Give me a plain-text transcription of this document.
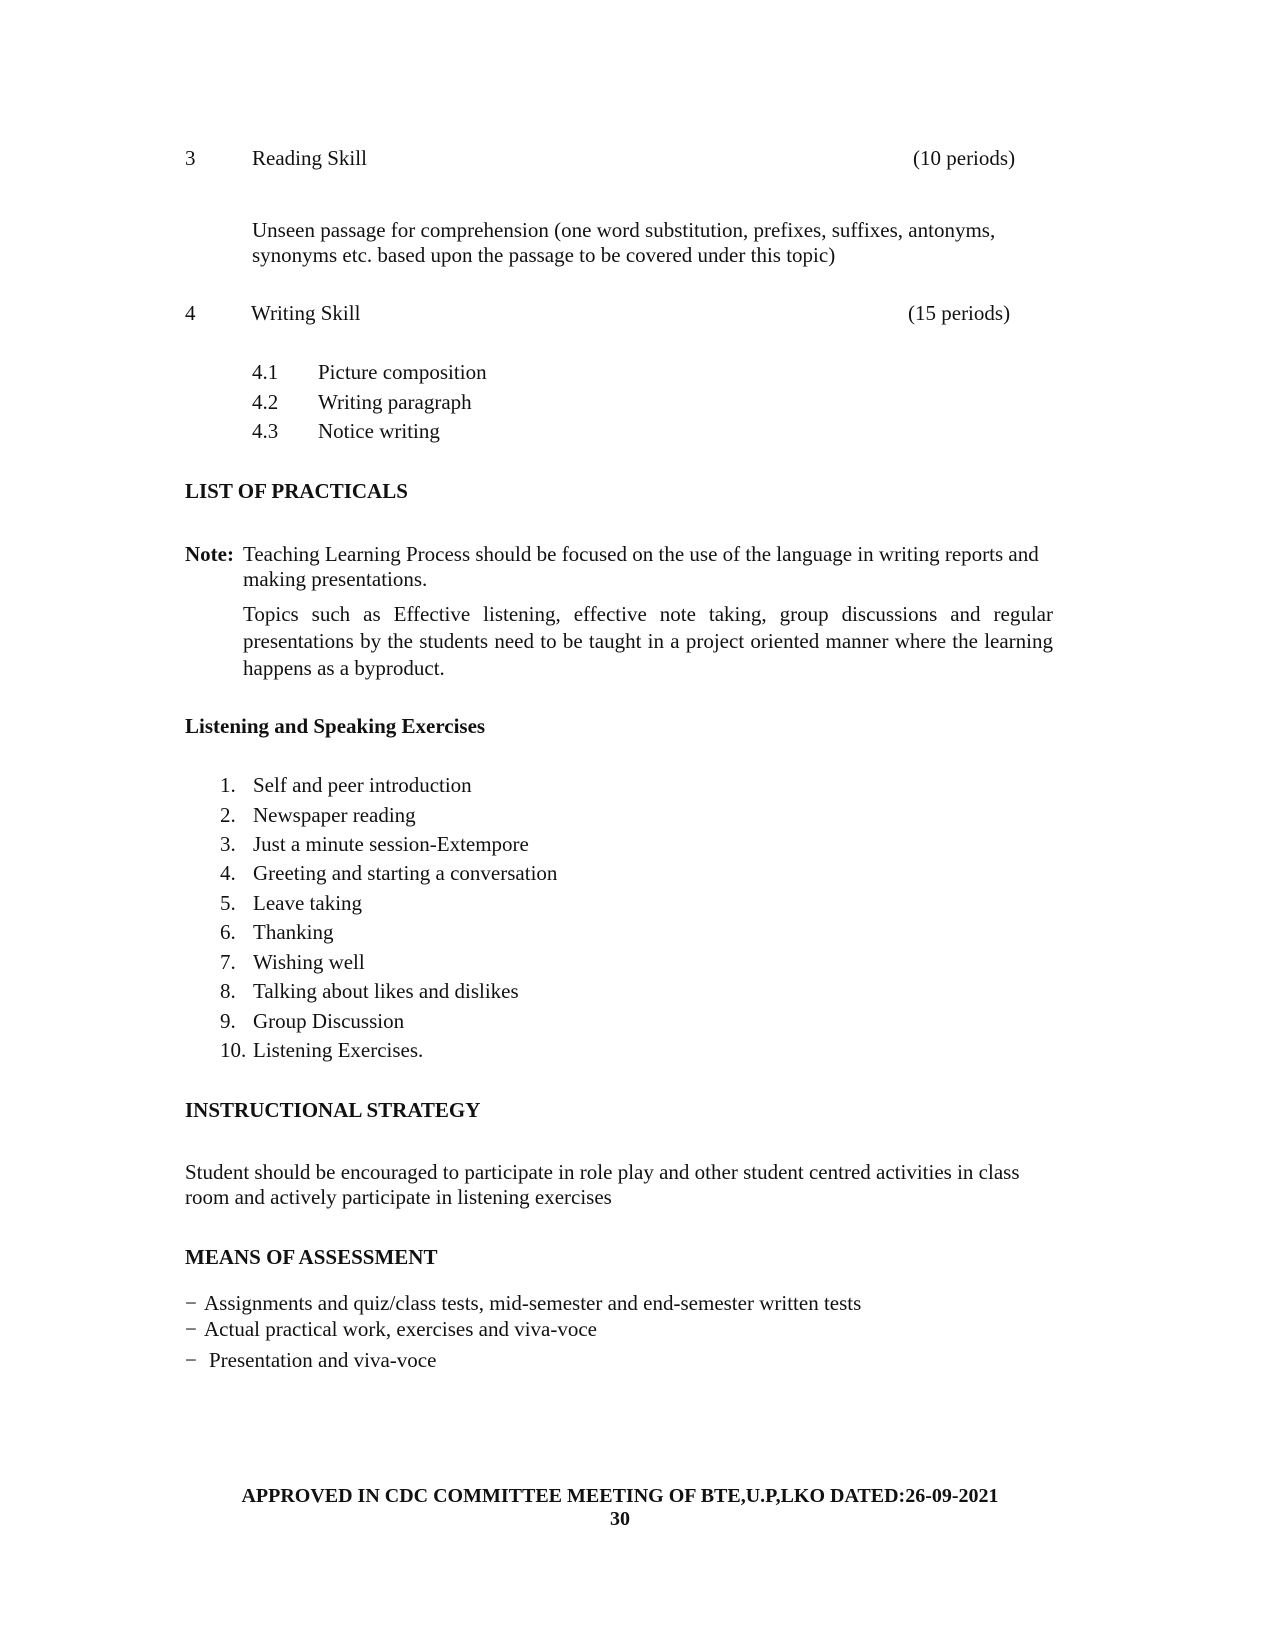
3	Reading Skill	(10 periods)
Unseen passage for comprehension (one word substitution, prefixes, suffixes, antonyms, synonyms etc. based upon the passage to be covered under this topic)
4	Writing Skill	(15 periods)
4.1 Picture composition
4.2 Writing paragraph
4.3 Notice writing
LIST OF PRACTICALS
Note: Teaching Learning Process should be focused on the use of the language in writing reports and making presentations.
Topics such as Effective listening, effective note taking, group discussions and regular presentations by the students need to be taught in a project oriented manner where the learning happens as a byproduct.
Listening and Speaking Exercises
1. Self and peer introduction
2. Newspaper reading
3. Just a minute session-Extempore
4. Greeting and starting a conversation
5. Leave taking
6. Thanking
7. Wishing well
8. Talking about likes and dislikes
9. Group Discussion
10. Listening Exercises.
INSTRUCTIONAL STRATEGY
Student should be encouraged to participate in role play and other student centred activities in class room and actively participate in listening exercises
MEANS OF ASSESSMENT
− Assignments and quiz/class tests, mid-semester and end-semester written tests
− Actual practical work, exercises and viva-voce
− Presentation and viva-voce
APPROVED IN CDC COMMITTEE MEETING OF BTE,U.P,LKO DATED:26-09-2021
30
